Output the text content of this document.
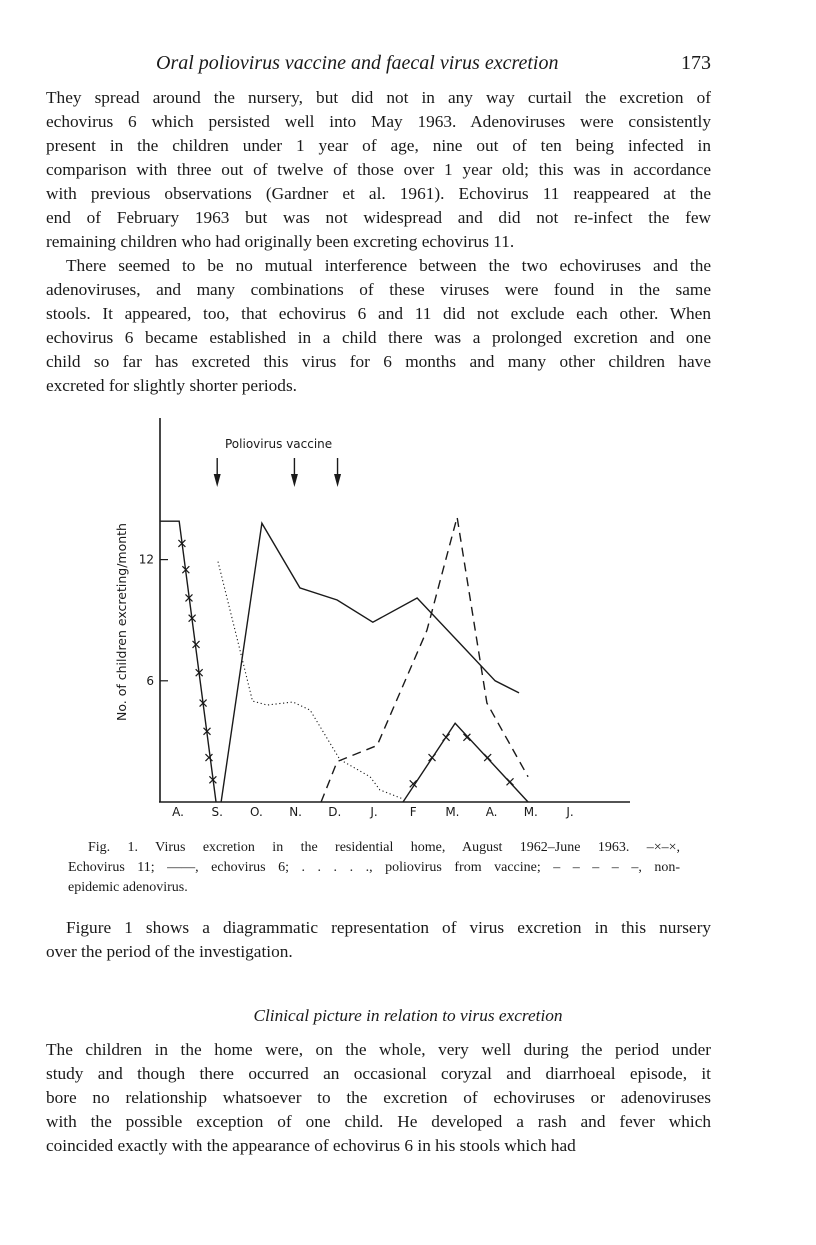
Oral poliovirus vaccine and faecal virus excretion	173
They spread around the nursery, but did not in any way curtail the excretion of
echovirus 6 which persisted well into May 1963. Adenoviruses were consistently
present in the children under 1 year of age, nine out of ten being infected in
comparison with three out of twelve of those over 1 year old; this was in accordance
with previous observations (Gardner et al. 1961). Echovirus 11 reappeared at the
end of February 1963 but was not widespread and did not re-infect the few
remaining children who had originally been excreting echovirus 11.
There seemed to be no mutual interference between the two echoviruses and the
adenoviruses, and many combinations of these viruses were found in the same
stools. It appeared, too, that echovirus 6 and 11 did not exclude each other. When
echovirus 6 became established in a child there was a prolonged excretion and one
child so far has excreted this virus for 6 months and many other children have
excreted for slightly shorter periods.
6
12
A. S. O. N. D. J.	F M. A. M. J.
No. of children excreting/month
Poliovirus vaccine
Fig. 1. Virus excretion in the residential home, August 1962–June 1963. –×–×,
Echovirus 11; ——, echovirus 6; . . . . ., poliovirus from vaccine; – – – – –, non-
epidemic adenovirus.
Figure 1 shows a diagrammatic representation of virus excretion in this nursery
over the period of the investigation.
Clinical picture in relation to virus excretion
The children in the home were, on the whole, very well during the period under
study and though there occurred an occasional coryzal and diarrhoeal episode, it
bore no relationship whatsoever to the excretion of echoviruses or adenoviruses
with the possible exception of one child. He developed a rash and fever which
coincided exactly with the appearance of echovirus 6 in his stools which had
